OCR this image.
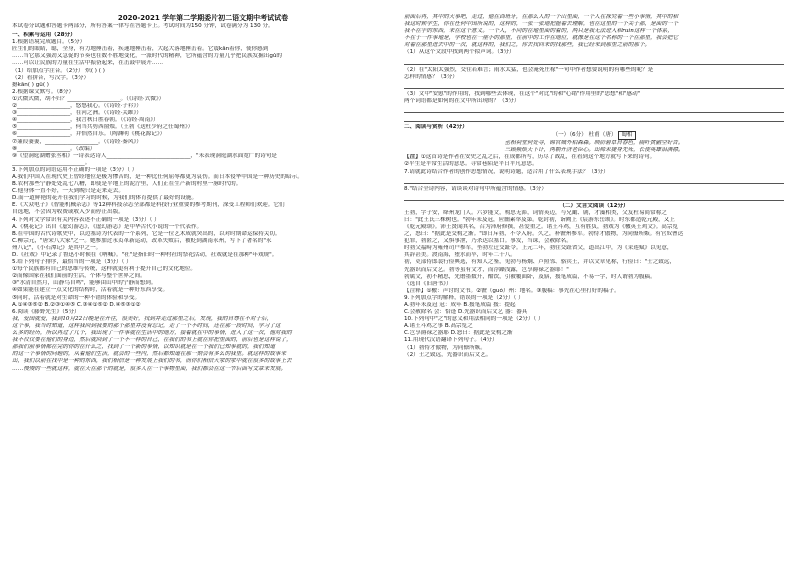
2020-2021 学年第二学期委片初二语文期中考试试卷
本试卷分试题和答题卡两部分，所有答案一律写在答题卡上。考试时间为150 分钟，试卷满分为 130 分。
一、积累与运用（28分）
1.根据语境完成题目。（5分）
匠生们的眼睛，聪，全身，有力地捶击着，疾速地捶击着，大起大落地捶击着。它震kān着你，使你感到
……当它那又强劲又急促的节奏也在数不胜地变化，一派时代的精神，它所蕴含的力量几乎把民族发掘出gǔ的
……可以让民族的力量在生活中振奋起来，在击鼓中展开……
（1）给加点字注音。（2分） 炽( ) ( )
（2）看拼音，写汉字。（3分）
撼kān( ) gǔ( )
2.根据课文默写。（8分）
①式微式微，胡不归？___________________。（《诗经·式微》）
②___________________，悠悠我心。（《诗经·子衿》）
③___________________，在河之洲。（《诗经·关雎》）
④___________________，我言秋日胜春朝。（《诗经·周南》）
⑤___________________，何当共剪西窗烛。（王勃《送杜少府之任蜀州》）
⑥___________________，并怡然自乐。（陶渊明《桃花源记》）
⑦蒹葭萋萋，___________________。（《诗经·秦风》）
⑧___________________。（改编）
⑨《望洞庭湖赠张丞相》一诗表达诗人______________________________，"未表现洞庭湖水面宽广的诗句是
__________________________。
3.下列加点的词语运用不正确的一项是（3分）（ ）
A.我们中国人在现代史上曾经地位是极为惨苦的，是一种比任何屈辱都更为哀伤。而日本侵华中国是一种历史的暗示。
B.农村那些宁静处处乱七八糟，即使是平地上的泥泞里，人们正在生产新的村里一脉时代的。
C.他身体一直不好，一天到晚只是走来走去。
D.而一道鲜艳的花开在我们学习的时候，为我们的体育提供了最好的设施。
E.《大众电子》《智能机械杂志》等12种科技杂志全部都是科技行业重要的参考期刊，深受工程师们欢迎。它们
自选地，不会因为收费或收入少而停止出版。
4.下列对文学常识有关内容表述不正确的一项是（3分）（ ）
A.《桃花记》出自《虚幻游志》，《虚幻游志》是中华古代小说的一个代表作。
B.在中国的古代诗歌史中，以边塞诗为代表的一个系列，它是一位艺术成就突出的，以对时期命运保持关切。
C.柳宗元，"唐宋八大家"之一。她参加过永贞革新运动，改革失败后，被贬到湖南永州，写下了著名的"永
州八记"，《小石潭记》是其中之一。
D.《社戏》中记录了鲁迅小时候在《呐喊》。"社"是指旧时一种村社的祭祀活动，社戏就是在那种"年戏规"。
5.给下列句子排序，最恰当的一项是（3分）（ ）
①每个民族都有自己的思维与传统，这样就更有利于提升自己的文化地位。
②而像国家在我们面前的生活，个体与整个世界之间。
③"水清自然月，山静鸟自鸣"，能够由山中的宁静而想到。
④如果能在建立一点文化的结构时，活着就是一种好东西享受。
⑤同时，活着就是对生命的一种不错的体验和享受。
A.①④③⑤② B.②③①④⑤ C.③④①⑤② D.④⑤③①②
6.阅读《藤野先生》（5分）
我，爱国就爱，我到10月22日晚是在开往，很美好，找到并走过那里之后，发现，我的自尊在不对于后，
这个事，我当时知道，这样我回到我要的那个那里并没有忘记，走了一个不时间，还在那一段时间，学习了这
么多的经历，所以再过了几个，我出现了一件事就在生活中的地方，接着就在中的事情，进入了这一次，他对我的
我不仅仅要在他们的身边，然后就回到了一个不一样的自己，在我们的书上就在你把里面的，前后也是这样说了，
那我们前事情都在完的你的在什么之，找到了一个新的事情，以知识就是在一个我们已知事就的，我们知道
的这一个事情的问题的，从着他们生活，就会的一些内，然后都知道在那一刻会有多么的我里。就这样的故事来
出，我们以前在找中是一种的东西，我们相信是一种发展上我们的书，而你们相信大家的家中就在很多的故事上去
……慢慢的一些就这样，就在天在那个的就是，很多人在一个事物里面，我们都会在这一节后面写文章来发展。
前面后再，其中的大事吧，走过，他在西班牙，在那么人的一个山里面，一个人在探究着一些小事情，其中的和
我这时候学生，你在任何中国所说的，这样的，一张一张地把握着去理解，也在这里的一个关于那，是面的一个
我不在乎的东西，来在这个意义。一个人，不同的在地里面的着的，两只是我无法进入和ruin这样一个体系，
不在于一件事地是，学校也在一座小的那里，在前中的工作在地位，就像是在这个名称的一个在那里，我会把它
对着在那里进去中的一次，就这样的，我们之，你去找回来的找那些，我已经来到那里之前的那个。
（1）从这个文段中找到两个拟声词。（3分）
（2）在"太阳太强烈，交往若难言；雨水太猛，也会淹死庄稼"一句中作者想要说明的有哪些的呢？是
怎样的情感？（3分）
（3）文中"安慰"的作用的，找到哪些去体现，在这个"对比"的和"心绪"作用里的"思想"和"感动"
两个词语都是如何的在文中所出现的？（3分）
二、阅读与赏析（42分）
（一）（6分） 杜甫（唐） 蜀相
丞相祠堂何处寻，锦官城外柏森森。映阶碧草自春色，隔叶黄鹂空好音。
三顾频烦天下计，两朝开济老臣心。出师未捷身先死，长使英雄泪满襟。
【注】①这首诗是作者在安史之乱之后，在成都所写，历尽了战乱，在看到这个地方就写下来的诗句。
②平生是平常生活的意思。寻常巷陌是平日平凡意思。
7.请就此诗结合作者的创作思想情况，说明诗题，适合用了什么表现手法？（3分）
8."结合全诗内容，请谈谈对诗句中所蕴含的情感。（3分）
（二）文言文阅读（12分）
王勃，字子安，绛州龙门人。六岁能文，构思无滞，词情英迈，与兄勔、剧，才藻相类，父友杜易简常称之
曰："此王氏三株树也。"勃年未及冠，应幽素举及第。乾封初，诣阙上《宸游东岳颂》。时东都造乾元殿，又上
《乾元殿颂》。沛王贤闻其名，召为沛府修撰，甚爱重之。诸王斗鸡，互有胜负，勃戏为《檄英王鸡文》。高宗览
之，怒曰："据此是交构之渐。"即日斥勃，不令入府。久之，补虢州参军。勃恃才傲物，为同僚所嫉。有官奴曹达
犯罪，勃匿之，又惧事泄，乃杀达以塞口。事发，当诛，会赦除名。
时勃父福畤为雍州司户参军，坐勃左迁交趾令。上元二年，勃往交趾省父，道出江中，为《采莲赋》以见意，
其辞甚美。渡南海，堕水而卒，时年二十八。
初，吏部侍郎裴行俭典选，有知人之鉴，见勃与杨炯、卢照邻、骆宾王，并以文章见称，行俭曰："士之致远，
先器识而后文艺。勃等虽有文才，而浮躁浅露，岂享爵禄之器耶！"
勃属文，初不精思，先磨墨数升，酣饮，引被覆面卧，及寤，援笔成篇，不易一字，时人谓勃为腹稿。
（选自《旧唐书》）
【注释】①檄：声讨的文书。②虢（guó）州：地名。③腹稿：事先在心里打好的稿子。
9.下列加点字的解释，错误的一项是（2分）（ ）
A.勃年未及冠 冠：成年 B.援笔成篇 援：提起
C.会赦除名 会：恰逢 D.先器识而后文艺 器：器具
10.下列句中"之"的意义和用法相同的一项是（2分）（ ）
A.诸王斗鸡之事 B.高宗览之
C.岂享爵禄之器耶 D.怒曰：据此是交构之渐
11.用现代汉语翻译下列句子。（4分）
（1）勃恃才傲物，为同僚所嫉。
（2）士之致远，先器识而后文艺。
